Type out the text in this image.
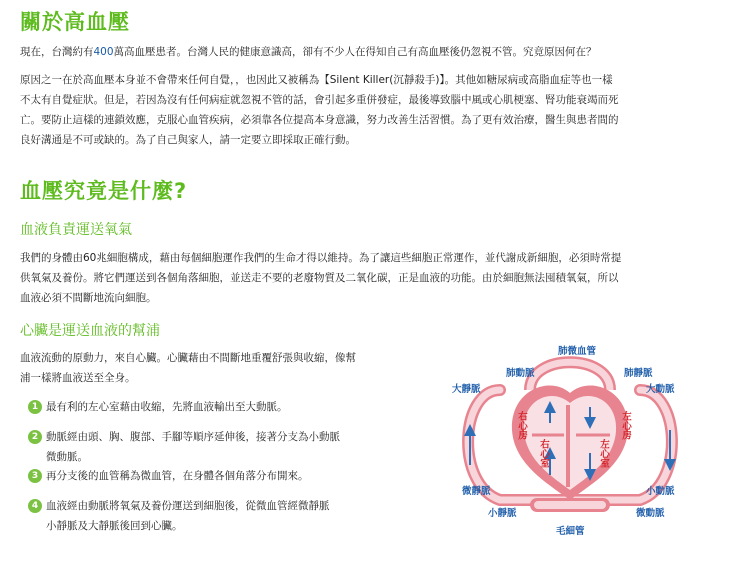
關於高血壓
現在，台灣約有400萬高血壓患者。台灣人民的健康意識高，卻有不少人在得知自己有高血壓後仍忽視不管。究竟原因何在？
原因之一在於高血壓本身並不會帶來任何自覺，，也因此又被稱為【Silent Killer(沉靜殺手)】。其他如糖尿病或高脂血症等也一樣
不太有自覺症狀。但是，若因為沒有任何病症就忽視不管的話，會引起多重併發症，最後導致腦中風或心肌梗塞、腎功能衰竭而死
亡。要防止這樣的連鎖效應，克服心血管疾病，必須靠各位提高本身意識，努力改善生活習慣。為了更有效治療，醫生與患者間的
良好溝通是不可或缺的。為了自己與家人，請一定要立即採取正確行動。
血壓究竟是什麼?
血液負責運送氧氣
我們的身體由60兆細胞構成，藉由每個細胞運作我們的生命才得以維持。為了讓這些細胞正常運作，並代謝成新細胞，必須時常提
供氧氣及養份。將它們運送到各個角落細胞，並送走不要的老廢物質及二氧化碳，正是血液的功能。由於細胞無法囤積氧氣，所以
血液必須不間斷地流向細胞。
心臟是運送血液的幫浦
血液流動的原動力，來自心臟。心臟藉由不間斷地重覆舒張與收縮，像幫
浦一樣將血液送至全身。
1 最有利的左心室藉由收縮，先將血液輸出至大動脈。
2 動脈經由頭、胸、腹部、手腳等順序延伸後，接著分支為小動脈
微動脈。
3 再分支後的血管稱為微血管，在身體各個角落分布開來。
4 血液經由動脈將氧氣及養份運送到細胞後，從微血管經微靜脈
小靜脈及大靜脈後回到心臟。
肺微血管
肺動脈	肺靜脈
大靜脈	大動脈
右心房
右心室
左心房
左心室
微靜脈
小靜脈
小動脈
微動脈
毛細管
